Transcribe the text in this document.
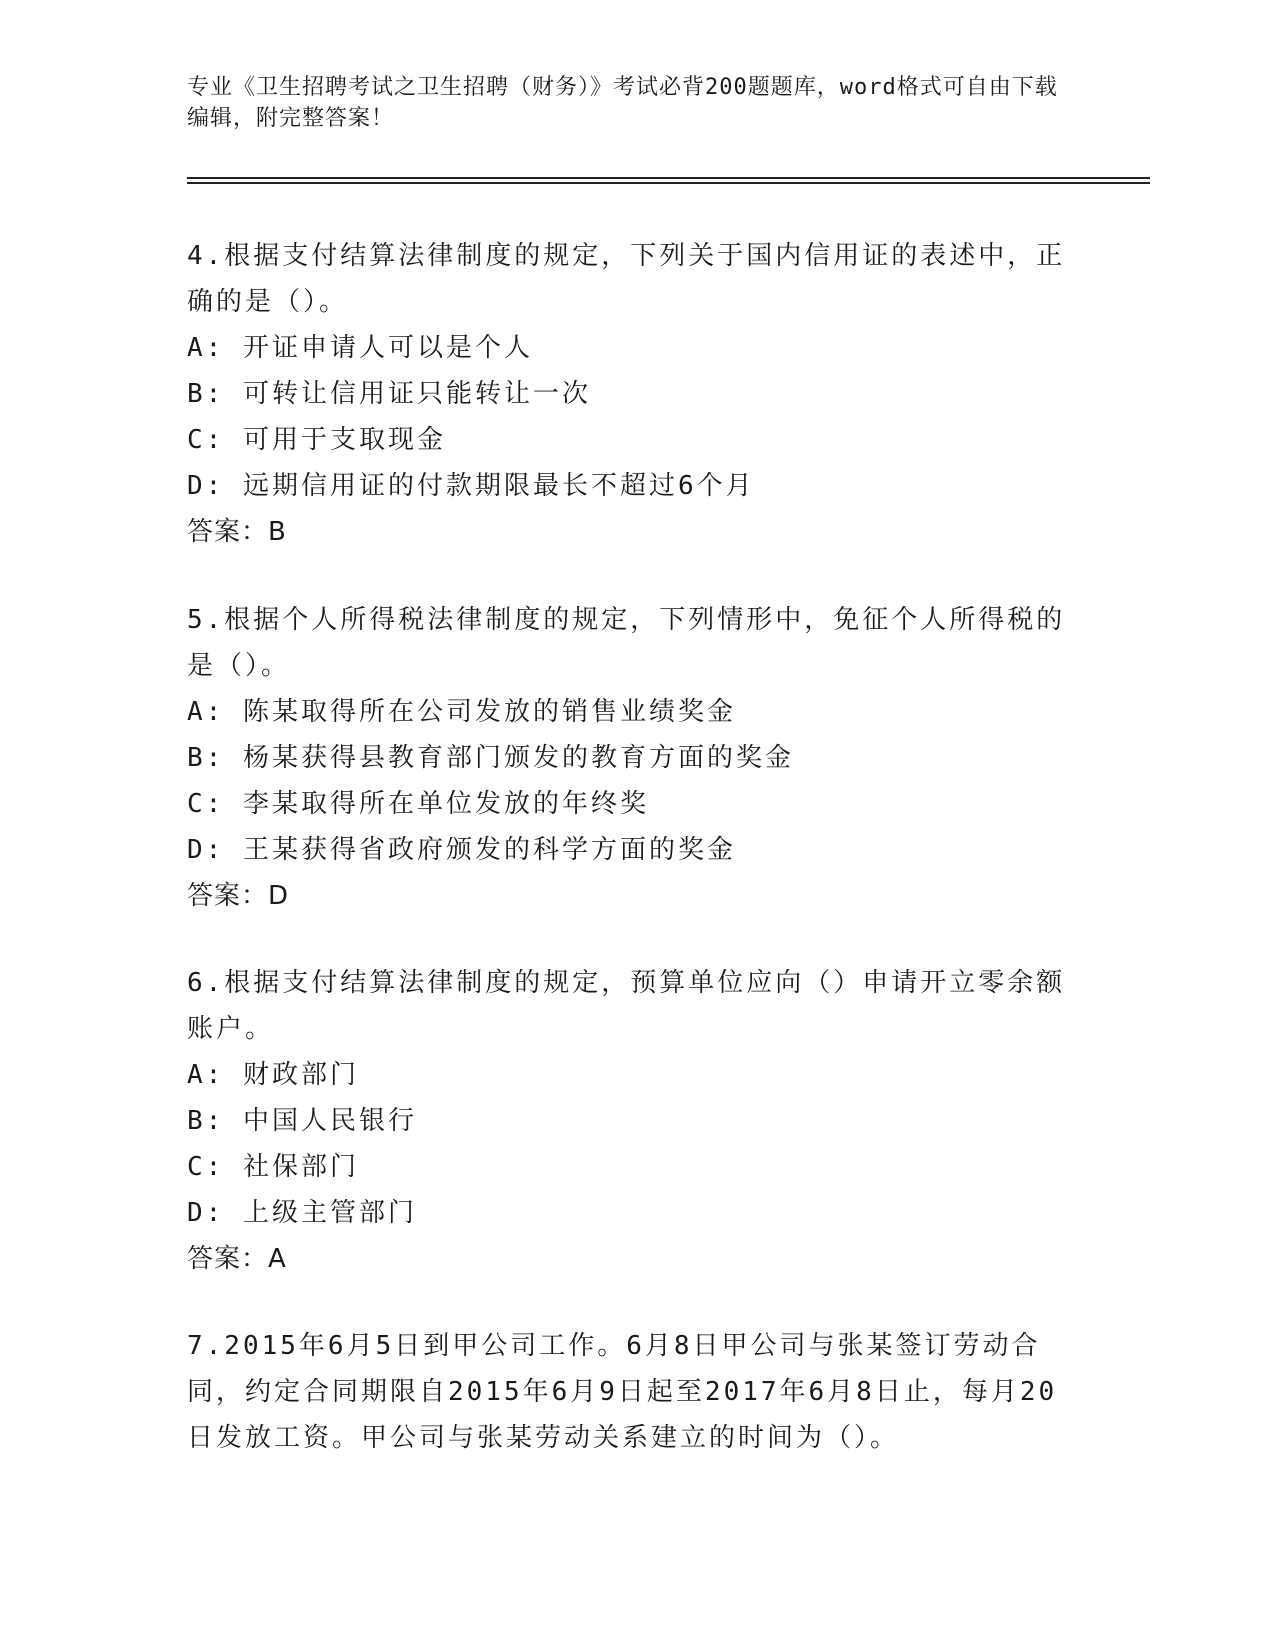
专业《卫生招聘考试之卫生招聘（财务）》考试必背200题题库，word格式可自由下载编辑，附完整答案！
4.根据支付结算法律制度的规定，下列关于国内信用证的表述中，正确的是（）。
A: 开证申请人可以是个人
B: 可转让信用证只能转让一次
C: 可用于支取现金
D: 远期信用证的付款期限最长不超过6个月
答案：B
5.根据个人所得税法律制度的规定，下列情形中，免征个人所得税的是（）。
A: 陈某取得所在公司发放的销售业绩奖金
B: 杨某获得县教育部门颁发的教育方面的奖金
C: 李某取得所在单位发放的年终奖
D: 王某获得省政府颁发的科学方面的奖金
答案：D
6.根据支付结算法律制度的规定，预算单位应向（）申请开立零余额账户。
A: 财政部门
B: 中国人民银行
C: 社保部门
D: 上级主管部门
答案：A
7.2015年6月5日到甲公司工作。6月8日甲公司与张某签订劳动合同，约定合同期限自2015年6月9日起至2017年6月8日止，每月20日发放工资。甲公司与张某劳动关系建立的时间为（）。
